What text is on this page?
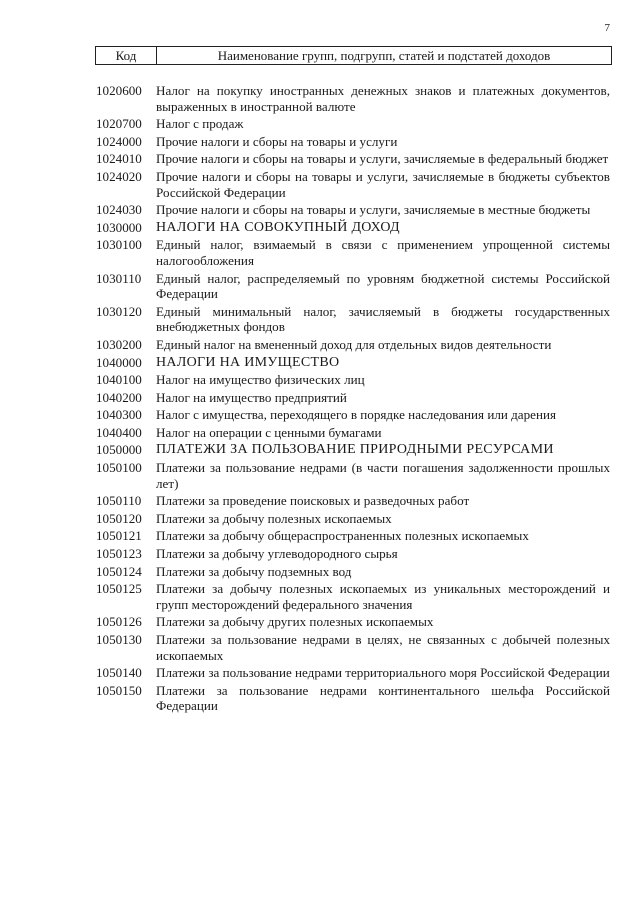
7
Код	Наименование групп, подгрупп, статей и подстатей доходов
1020600	Налог на покупку иностранных денежных знаков и платежных документов, выраженных в иностранной валюте
1020700	Налог с продаж
1024000	Прочие налоги и сборы на товары и услуги
1024010	Прочие налоги и сборы на товары и услуги, зачисляемые в федеральный бюджет
1024020	Прочие налоги и сборы на товары и услуги, зачисляемые в бюджеты субъектов Российской Федерации
1024030	Прочие налоги и сборы на товары и услуги, зачисляемые в местные бюджеты
1030000	НАЛОГИ НА СОВОКУПНЫЙ ДОХОД
1030100	Единый налог, взимаемый в связи с применением упрощенной системы налогообложения
1030110	Единый налог, распределяемый по уровням бюджетной системы Российской Федерации
1030120	Единый минимальный налог, зачисляемый в бюджеты государственных внебюджетных фондов
1030200	Единый налог на вмененный доход для отдельных видов деятельности
1040000	НАЛОГИ НА ИМУЩЕСТВО
1040100	Налог на имущество физических лиц
1040200	Налог на имущество предприятий
1040300	Налог с имущества, переходящего в порядке наследования или дарения
1040400	Налог на операции с ценными бумагами
1050000	ПЛАТЕЖИ ЗА ПОЛЬЗОВАНИЕ ПРИРОДНЫМИ РЕСУРСАМИ
1050100	Платежи за пользование недрами (в части погашения задолженности прошлых лет)
1050110	Платежи за проведение поисковых и разведочных работ
1050120	Платежи за добычу полезных ископаемых
1050121	Платежи за добычу общераспространенных полезных ископаемых
1050123	Платежи за добычу углеводородного сырья
1050124	Платежи за добычу подземных вод
1050125	Платежи за добычу полезных ископаемых из уникальных месторождений и групп месторождений федерального значения
1050126	Платежи за добычу других полезных ископаемых
1050130	Платежи за пользование недрами в целях, не связанных с добычей полезных ископаемых
1050140	Платежи за пользование недрами территориального моря Российской Федерации
1050150	Платежи за пользование недрами континентального шельфа Российской Федерации
